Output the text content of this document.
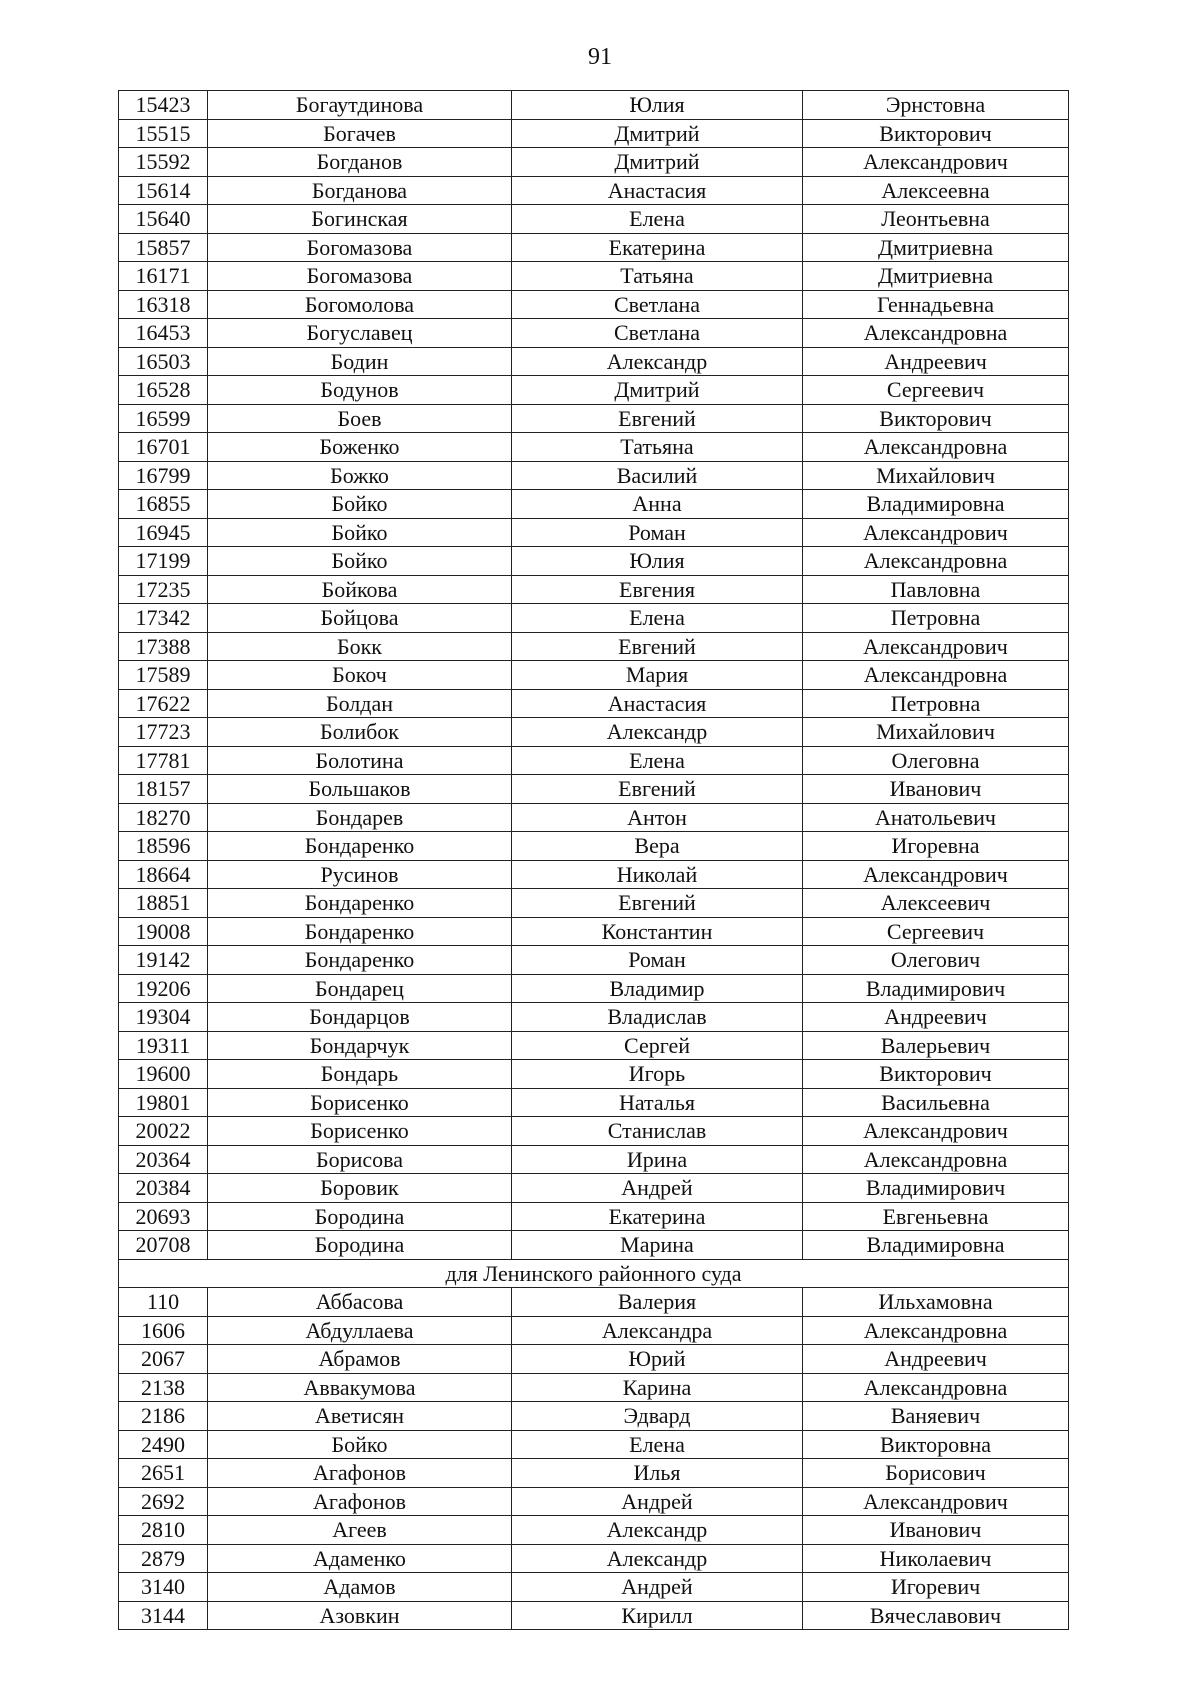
91
15423	Богаутдинова	Юлия	Эрнстовна
15515	Богачев	Дмитрий	Викторович
15592	Богданов	Дмитрий	Александрович
15614	Богданова	Анастасия	Алексеевна
15640	Богинская	Елена	Леонтьевна
15857	Богомазова	Екатерина	Дмитриевна
16171	Богомазова	Татьяна	Дмитриевна
16318	Богомолова	Светлана	Геннадьевна
16453	Богуславец	Светлана	Александровна
16503	Бодин	Александр	Андреевич
16528	Бодунов	Дмитрий	Сергеевич
16599	Боев	Евгений	Викторович
16701	Боженко	Татьяна	Александровна
16799	Божко	Василий	Михайлович
16855	Бойко	Анна	Владимировна
16945	Бойко	Роман	Александрович
17199	Бойко	Юлия	Александровна
17235	Бойкова	Евгения	Павловна
17342	Бойцова	Елена	Петровна
17388	Бокк	Евгений	Александрович
17589	Бокоч	Мария	Александровна
17622	Болдан	Анастасия	Петровна
17723	Болибок	Александр	Михайлович
17781	Болотина	Елена	Олеговна
18157	Большаков	Евгений	Иванович
18270	Бондарев	Антон	Анатольевич
18596	Бондаренко	Вера	Игоревна
18664	Русинов	Николай	Александрович
18851	Бондаренко	Евгений	Алексеевич
19008	Бондаренко	Константин	Сергеевич
19142	Бондаренко	Роман	Олегович
19206	Бондарец	Владимир	Владимирович
19304	Бондарцов	Владислав	Андреевич
19311	Бондарчук	Сергей	Валерьевич
19600	Бондарь	Игорь	Викторович
19801	Борисенко	Наталья	Васильевна
20022	Борисенко	Станислав	Александрович
20364	Борисова	Ирина	Александровна
20384	Боровик	Андрей	Владимирович
20693	Бородина	Екатерина	Евгеньевна
20708	Бородина	Марина	Владимировна
для Ленинского районного суда			
110	Аббасова	Валерия	Ильхамовна
1606	Абдуллаева	Александра	Александровна
2067	Абрамов	Юрий	Андреевич
2138	Аввакумова	Карина	Александровна
2186	Аветисян	Эдвард	Ваняевич
2490	Бойко	Елена	Викторовна
2651	Агафонов	Илья	Борисович
2692	Агафонов	Андрей	Александрович
2810	Агеев	Александр	Иванович
2879	Адаменко	Александр	Николаевич
3140	Адамов	Андрей	Игоревич
3144	Азовкин	Кирилл	Вячеславович
